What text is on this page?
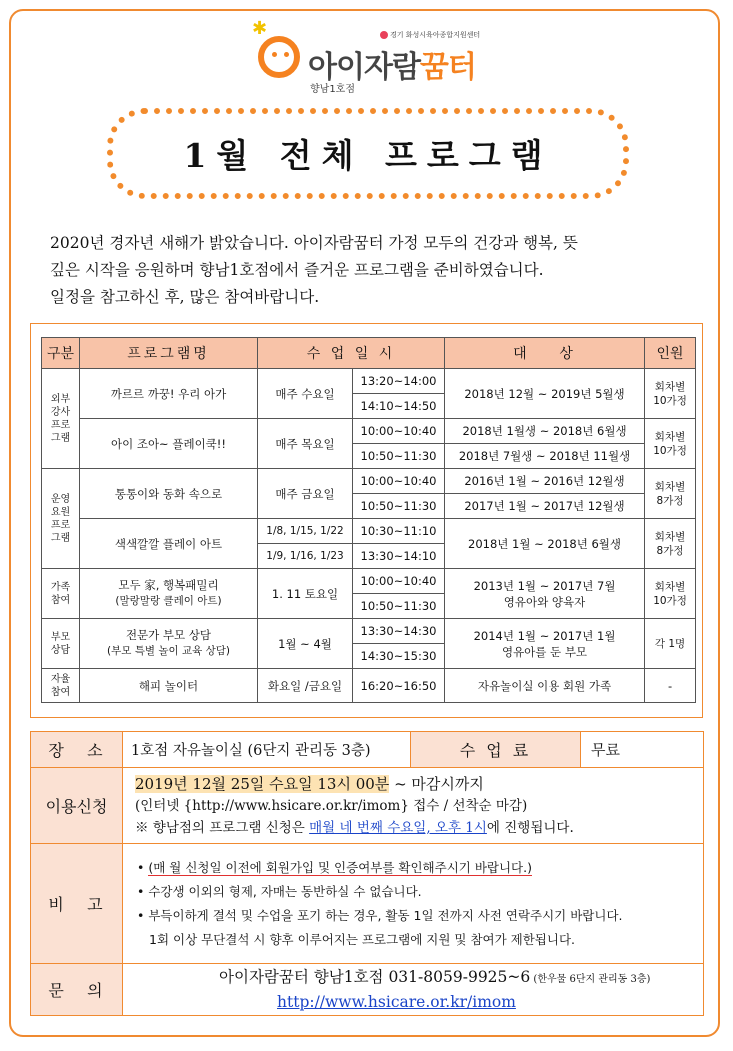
✱
아이자람꿈터
향남1호점
경기 화성시육아종합지원센터
1월 전체 프로그램

2020년 경자년 새해가 밝았습니다. 아이자람꿈터 가정 모두의 건강과 행복, 뜻

깊은 시작을 응원하며 향남1호점에서 즐거운 프로그램을 준비하였습니다.

일정을 참고하신 후, 많은 참여바랍니다.

구분	프로그램명	수 업 일 시		대    상	인원
외부
강사
프로
그램	까르르 까꿍! 우리 아가	매주 수요일	13:20~14:00	2018년 12월 ~ 2019년 5월생	회차별
10가정
			14:10~14:50		
	아이 조아~ 플레이쿡!!	매주 목요일	10:00~10:40	2018년 1월생 ~ 2018년 6월생	회차별
10가정
			10:50~11:30	2018년 7월생 ~ 2018년 11월생	
운영
요원
프로
그램	통통이와 동화 속으로	매주 금요일	10:00~10:40	2016년 1월 ~ 2016년 12월생	회차별
8가정
			10:50~11:30	2017년 1월 ~ 2017년 12월생	
	색색깔깔 플레이 아트	1/8, 1/15, 1/22	10:30~11:10	2018년 1월 ~ 2018년 6월생	회차별
8가정
		1/9, 1/16, 1/23	13:30~14:10		
가족
참여	모두 家, 행복패밀리
(말랑말랑 클레이 아트)	1. 11 토요일	10:00~10:40	2013년 1월 ~ 2017년 7월
영유아와 양육자	회차별
10가정
			10:50~11:30		
부모
상담	전문가 부모 상담
(부모 특별 놀이 교육 상담)	1월 ~ 4월	13:30~14:30	2014년 1월 ~ 2017년 1월
영유아를 둔 부모	각 1명
			14:30~15:30		
자율
참여	해피 놀이터	화요일 /금요일	16:20~16:50	자유놀이실 이용 회원 가족	-
장   소	1호점 자유놀이실 (6단지 관리동 3층)	수 업 료	무료
이용신청	2019년 12월 25일 수요일 13시 00분 ~ 마감시까지
(인터넷 {http://www.hsicare.or.kr/imom} 접수 / 선착순 마감)
※ 향남점의 프로그램 신청은 매월 네 번째 수요일, 오후 1시에 진행됩니다.		

비   고	• (매 월 신청일 이전에 회원가입 및 인증여부를 확인해주시기 바랍니다.)

• 수강생 이외의 형제, 자매는 동반하실 수 없습니다.

• 부득이하게 결석 및 수업을 포기 하는 경우, 활동 1일 전까지 사전 연락주시기 바랍니다.

1회 이상 무단결석 시 향후 이루어지는 프로그램에 지원 및 참여가 제한됩니다.		

문   의	아이자람꿈터 향남1호점 031-8059-9925~6 (한우물 6단지 관리동 3층)
http://www.hsicare.or.kr/imom		
